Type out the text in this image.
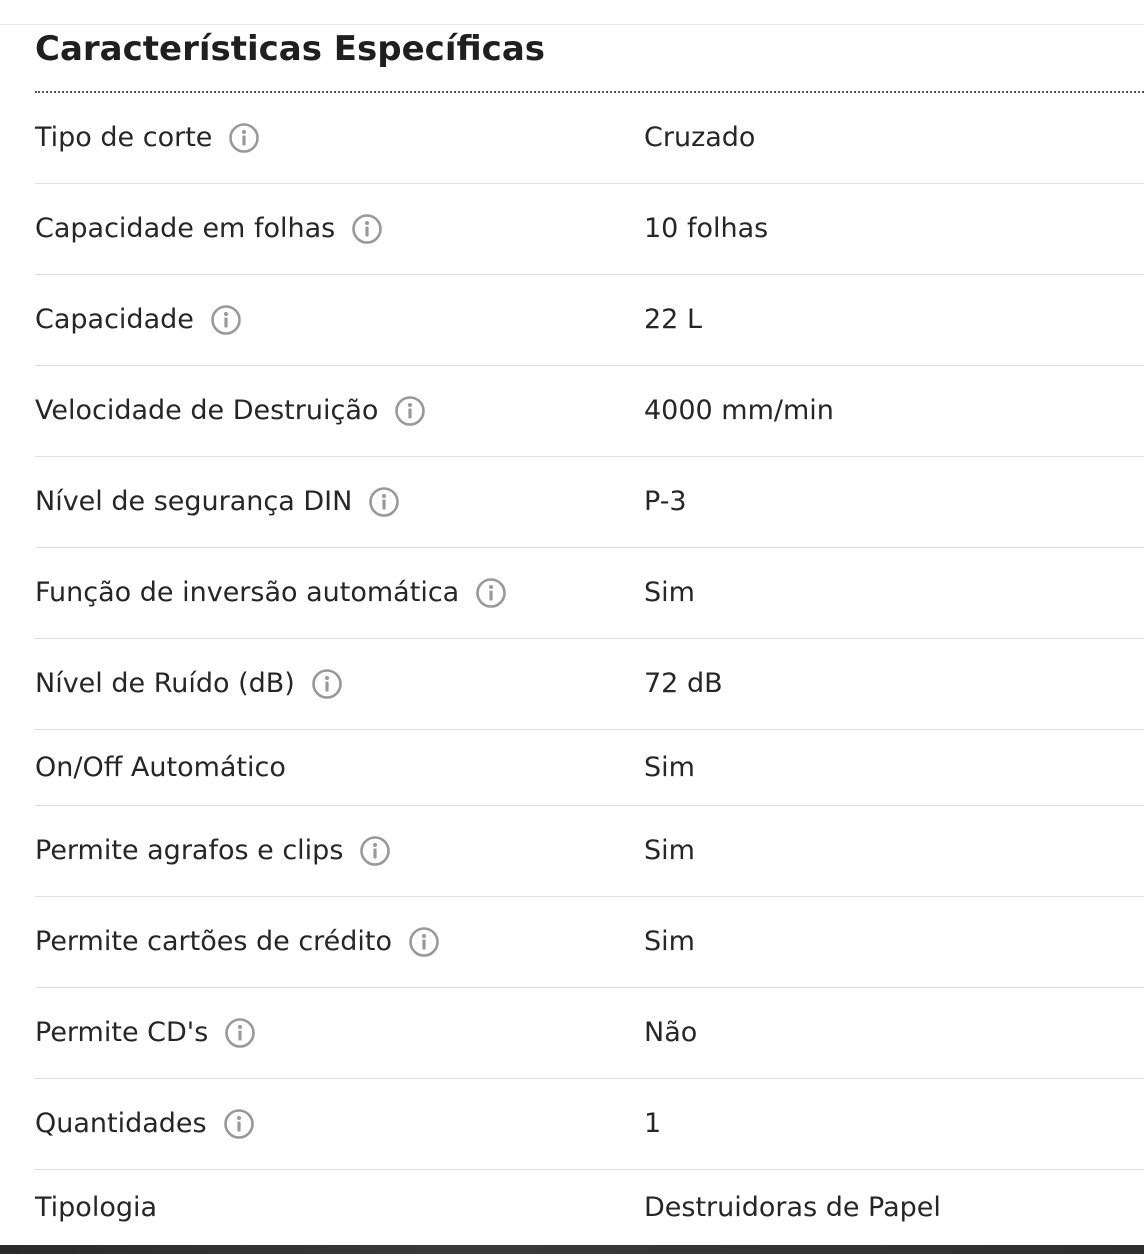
Características Específicas
Tipo de corte	Cruzado
Capacidade em folhas	10 folhas
Capacidade	22 L
Velocidade de Destruição	4000 mm/min
Nível de segurança DIN	P-3
Função de inversão automática	Sim
Nível de Ruído (dB)	72 dB
On/Off Automático	Sim
Permite agrafos e clips	Sim
Permite cartões de crédito	Sim
Permite CD's	Não
Quantidades	1
Tipologia	Destruidoras de Papel
